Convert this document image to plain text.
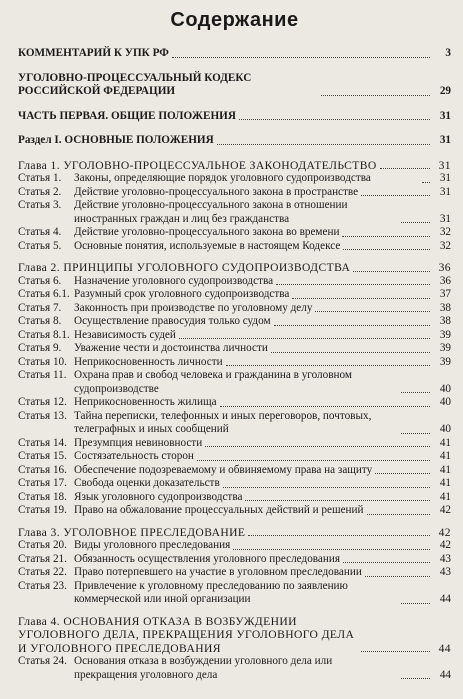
Содержание
КОММЕНТАРИЙ К УПК РФ	3
УГОЛОВНО-ПРОЦЕССУАЛЬНЫЙ КОДЕКС РОССИЙСКОЙ ФЕДЕРАЦИИ	29
ЧАСТЬ ПЕРВАЯ. ОБЩИЕ ПОЛОЖЕНИЯ	31
Раздел I. ОСНОВНЫЕ ПОЛОЖЕНИЯ	31
Глава 1. УГОЛОВНО-ПРОЦЕССУАЛЬНОЕ ЗАКОНОДАТЕЛЬСТВО	31
Статья 1. Законы, определяющие порядок уголовного судопроизводства	31
Статья 2. Действие уголовно-процессуального закона в пространстве	31
Статья 3. Действие уголовно-процессуального закона в отношении иностранных граждан и лиц без гражданства	31
Статья 4. Действие уголовно-процессуального закона во времени	32
Статья 5. Основные понятия, используемые в настоящем Кодексе	32
Глава 2. ПРИНЦИПЫ УГОЛОВНОГО СУДОПРОИЗВОДСТВА	36
Статья 6. Назначение уголовного судопроизводства	36
Статья 6.1. Разумный срок уголовного судопроизводства	37
Статья 7. Законность при производстве по уголовному делу	38
Статья 8. Осуществление правосудия только судом	38
Статья 8.1. Независимость судей	39
Статья 9. Уважение чести и достоинства личности	39
Статья 10. Неприкосновенность личности	39
Статья 11. Охрана прав и свобод человека и гражданина в уголовном судопроизводстве	40
Статья 12. Неприкосновенность жилища	40
Статья 13. Тайна переписки, телефонных и иных переговоров, почтовых, телеграфных и иных сообщений	40
Статья 14. Презумпция невиновности	41
Статья 15. Состязательность сторон	41
Статья 16. Обеспечение подозреваемому и обвиняемому права на защиту	41
Статья 17. Свобода оценки доказательств	41
Статья 18. Язык уголовного судопроизводства	41
Статья 19. Право на обжалование процессуальных действий и решений	42
Глава 3. УГОЛОВНОЕ ПРЕСЛЕДОВАНИЕ	42
Статья 20. Виды уголовного преследования	42
Статья 21. Обязанность осуществления уголовного преследования	43
Статья 22. Право потерпевшего на участие в уголовном преследовании	43
Статья 23. Привлечение к уголовному преследованию по заявлению коммерческой или иной организации	44
Глава 4. ОСНОВАНИЯ ОТКАЗА В ВОЗБУЖДЕНИИ УГОЛОВНОГО ДЕЛА, ПРЕКРАЩЕНИЯ УГОЛОВНОГО ДЕЛА И УГОЛОВНОГО ПРЕСЛЕДОВАНИЯ	44
Статья 24. Основания отказа в возбуждении уголовного дела или прекращения уголовного дела	44
